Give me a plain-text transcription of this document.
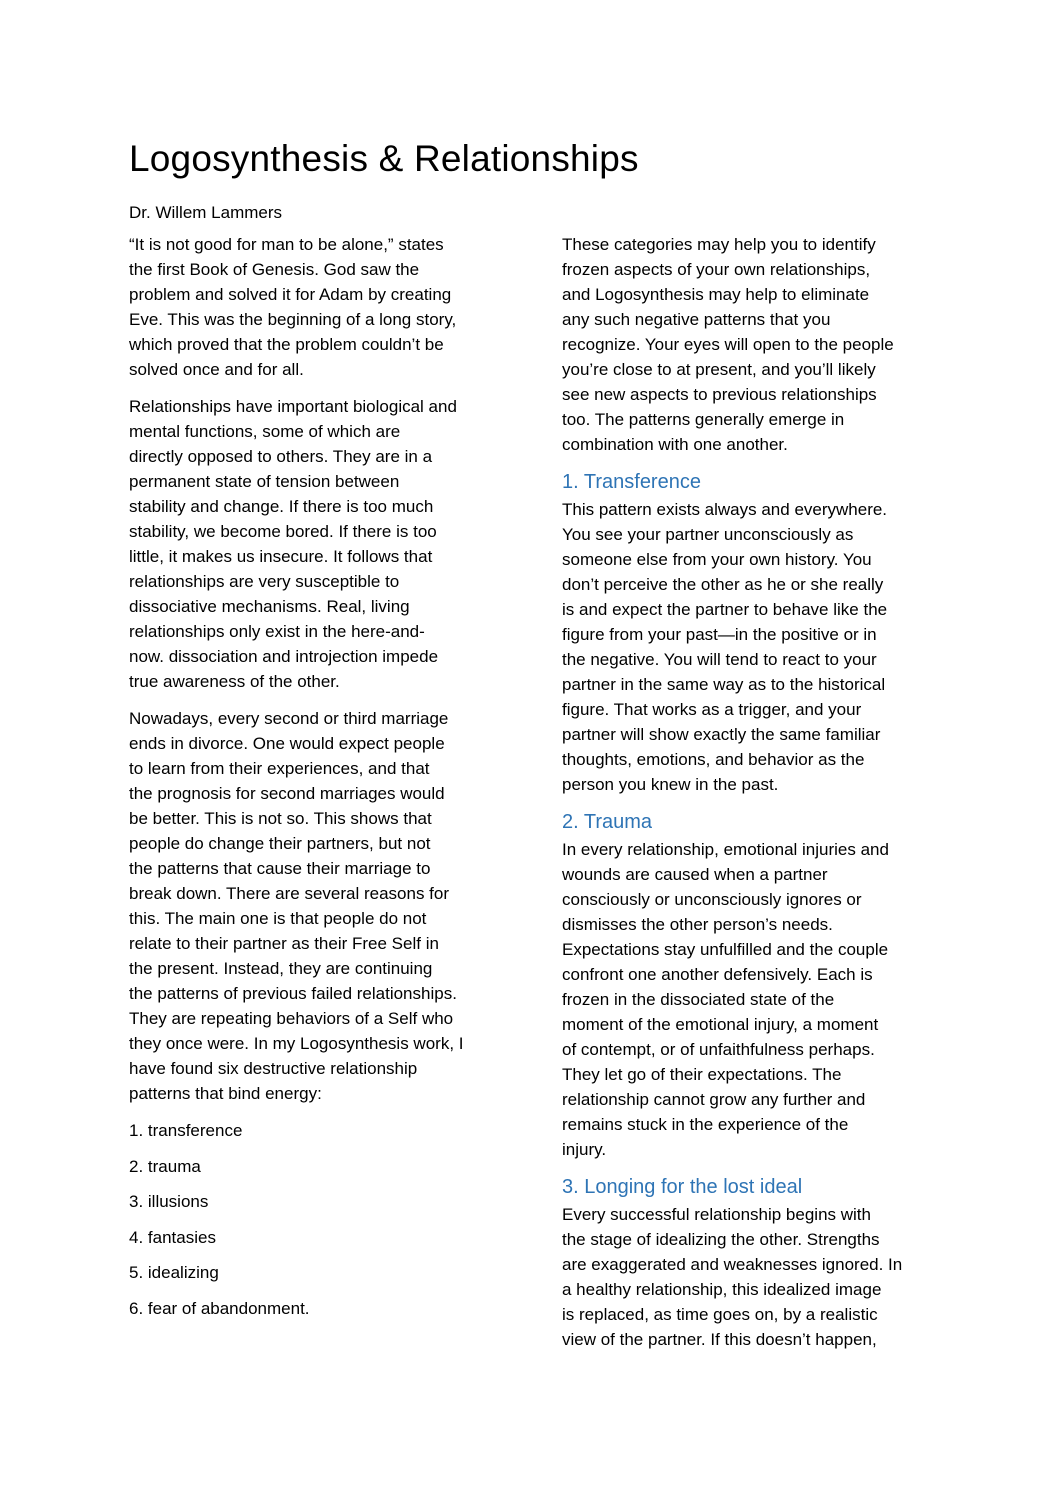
Logosynthesis & Relationships

Dr. Willem Lammers

“It is not good for man to be alone,” states
the first Book of Genesis. God saw the
problem and solved it for Adam by creating
Eve. This was the beginning of a long story,
which proved that the problem couldn’t be
solved once and for all.

Relationships have important biological and
mental functions, some of which are
directly opposed to others. They are in a
permanent state of tension between
stability and change. If there is too much
stability, we become bored. If there is too
little, it makes us insecure. It follows that
relationships are very susceptible to
dissociative mechanisms. Real, living
relationships only exist in the here-and-
now. dissociation and introjection impede
true awareness of the other.

Nowadays, every second or third marriage
ends in divorce. One would expect people
to learn from their experiences, and that
the prognosis for second marriages would
be better. This is not so. This shows that
people do change their partners, but not
the patterns that cause their marriage to
break down. There are several reasons for
this. The main one is that people do not
relate to their partner as their Free Self in
the present. Instead, they are continuing
the patterns of previous failed relationships.
They are repeating behaviors of a Self who
they once were. In my Logosynthesis work, I
have found six destructive relationship
patterns that bind energy:

1. transference
2. trauma
3. illusions
4. fantasies
5. idealizing
6. fear of abandonment.

These categories may help you to identify
frozen aspects of your own relationships,
and Logosynthesis may help to eliminate
any such negative patterns that you
recognize. Your eyes will open to the people
you’re close to at present, and you’ll likely
see new aspects to previous relationships
too. The patterns generally emerge in
combination with one another.

1. Transference

This pattern exists always and everywhere.
You see your partner unconsciously as
someone else from your own history. You
don’t perceive the other as he or she really
is and expect the partner to behave like the
figure from your past—in the positive or in
the negative. You will tend to react to your
partner in the same way as to the historical
figure. That works as a trigger, and your
partner will show exactly the same familiar
thoughts, emotions, and behavior as the
person you knew in the past.

2. Trauma

In every relationship, emotional injuries and
wounds are caused when a partner
consciously or unconsciously ignores or
dismisses the other person’s needs.
Expectations stay unfulfilled and the couple
confront one another defensively. Each is
frozen in the dissociated state of the
moment of the emotional injury, a moment
of contempt, or of unfaithfulness perhaps.
They let go of their expectations. The
relationship cannot grow any further and
remains stuck in the experience of the
injury.

3. Longing for the lost ideal

Every successful relationship begins with
the stage of idealizing the other. Strengths
are exaggerated and weaknesses ignored. In
a healthy relationship, this idealized image
is replaced, as time goes on, by a realistic
view of the partner. If this doesn’t happen,
